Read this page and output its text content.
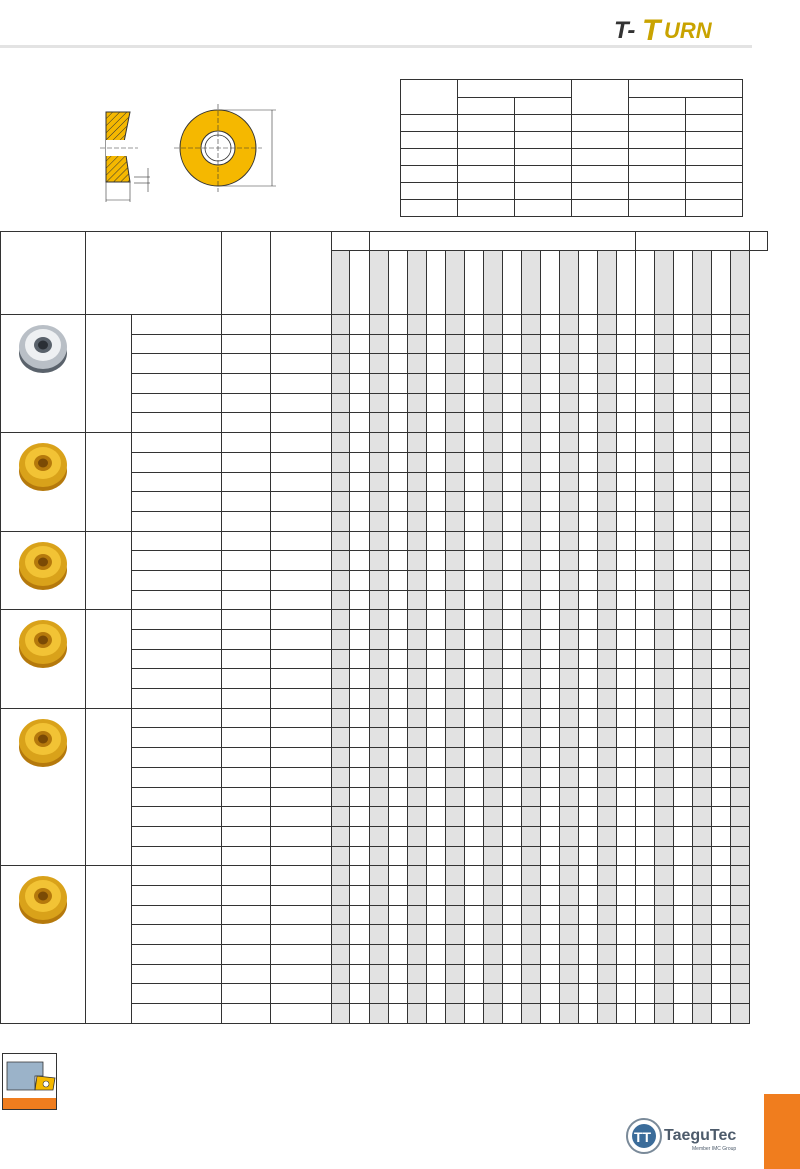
T- T URN

TT TaeguTec
Member IMC Group
